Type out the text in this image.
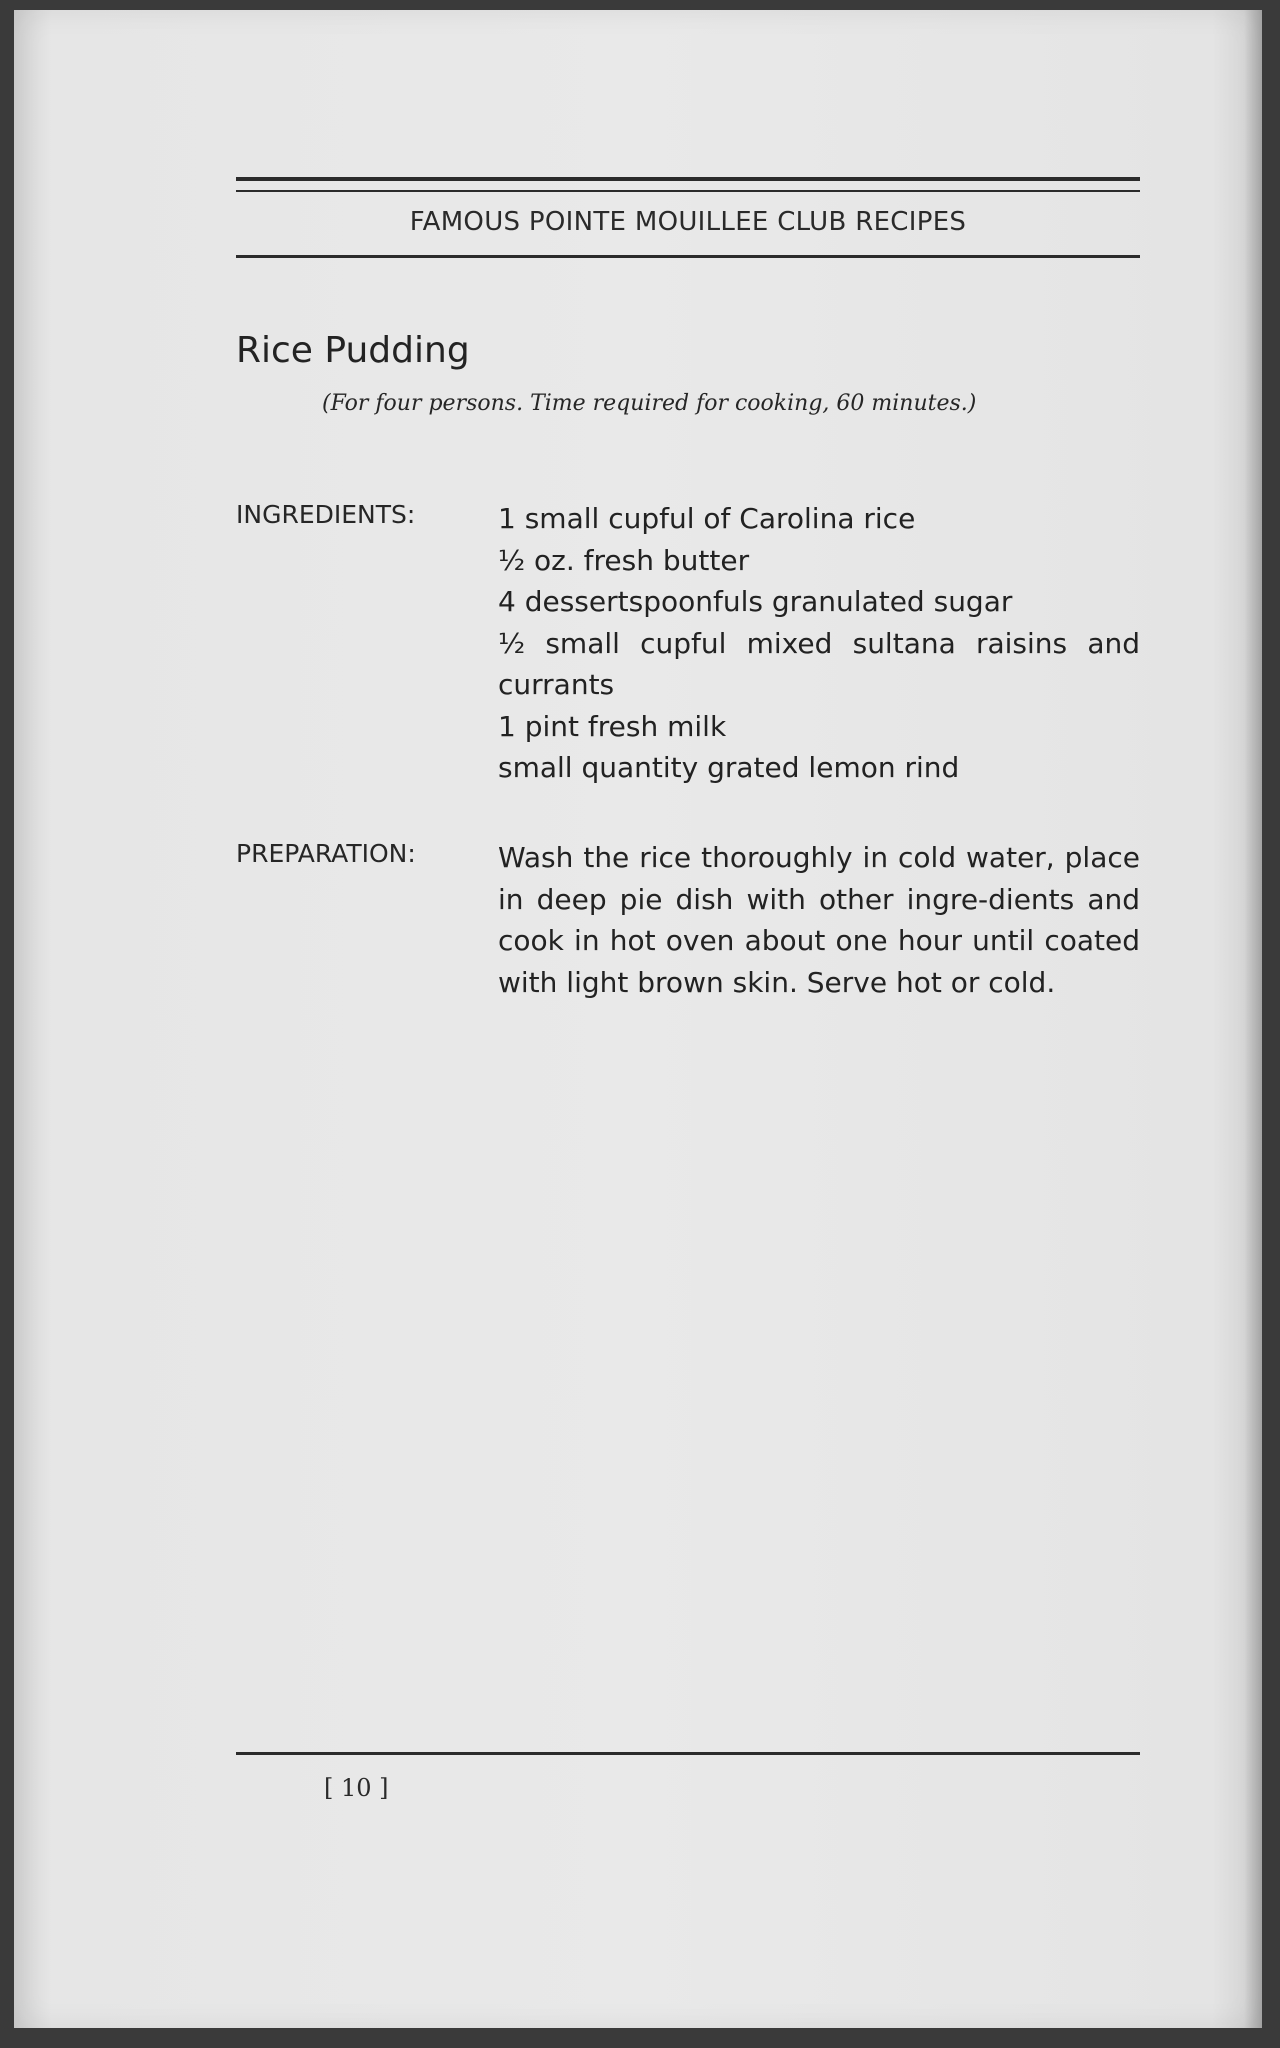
FAMOUS POINTE MOUILLEE CLUB RECIPES
Rice Pudding
(For four persons. Time required for cooking, 60 minutes.)
INGREDIENTS:	1 small cupful of Carolina rice
½ oz. fresh butter
4 dessertspoonfuls granulated sugar
½ small cupful mixed sultana raisins and currants
1 pint fresh milk
small quantity grated lemon rind
PREPARATION:	Wash the rice thoroughly in cold water, place in deep pie dish with other ingre-dients and cook in hot oven about one hour until coated with light brown skin. Serve hot or cold.
[ 10 ]
